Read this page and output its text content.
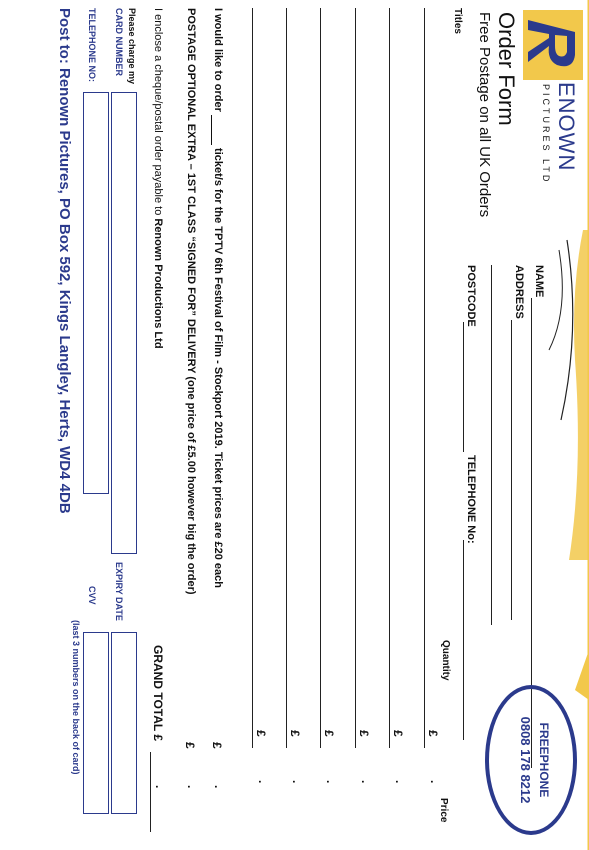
ENOWN
PICTURES LTD
Order Form
Free Postage on all UK Orders
NAME
ADDRESS
POSTCODE
TELEPHONE No:
FREEPHONE
0808 178 8212
Titles
Quantity
Price
£
.
£
.
£
.
£
.
£
.
£
.
I would like to order   ticket/s for the TPTV 6th Festival of Film - Stockport 2019. Ticket prices are £20 each
£
.
POSTAGE OPTIONAL EXTRA – 1ST CLASS “SIGNED FOR” DELIVERY (one price of £5.00 however big the order)
£
.
I enclose a cheque/postal order payable to Renown Productions Ltd
GRAND TOTAL £
.
Please charge my
CARD NUMBER
EXPIRY DATE
TELEPHONE NO:
CVV
(last 3 numbers on the back of card)
Post to: Renown Pictures, PO Box 592, Kings Langley, Herts, WD4 4DB
